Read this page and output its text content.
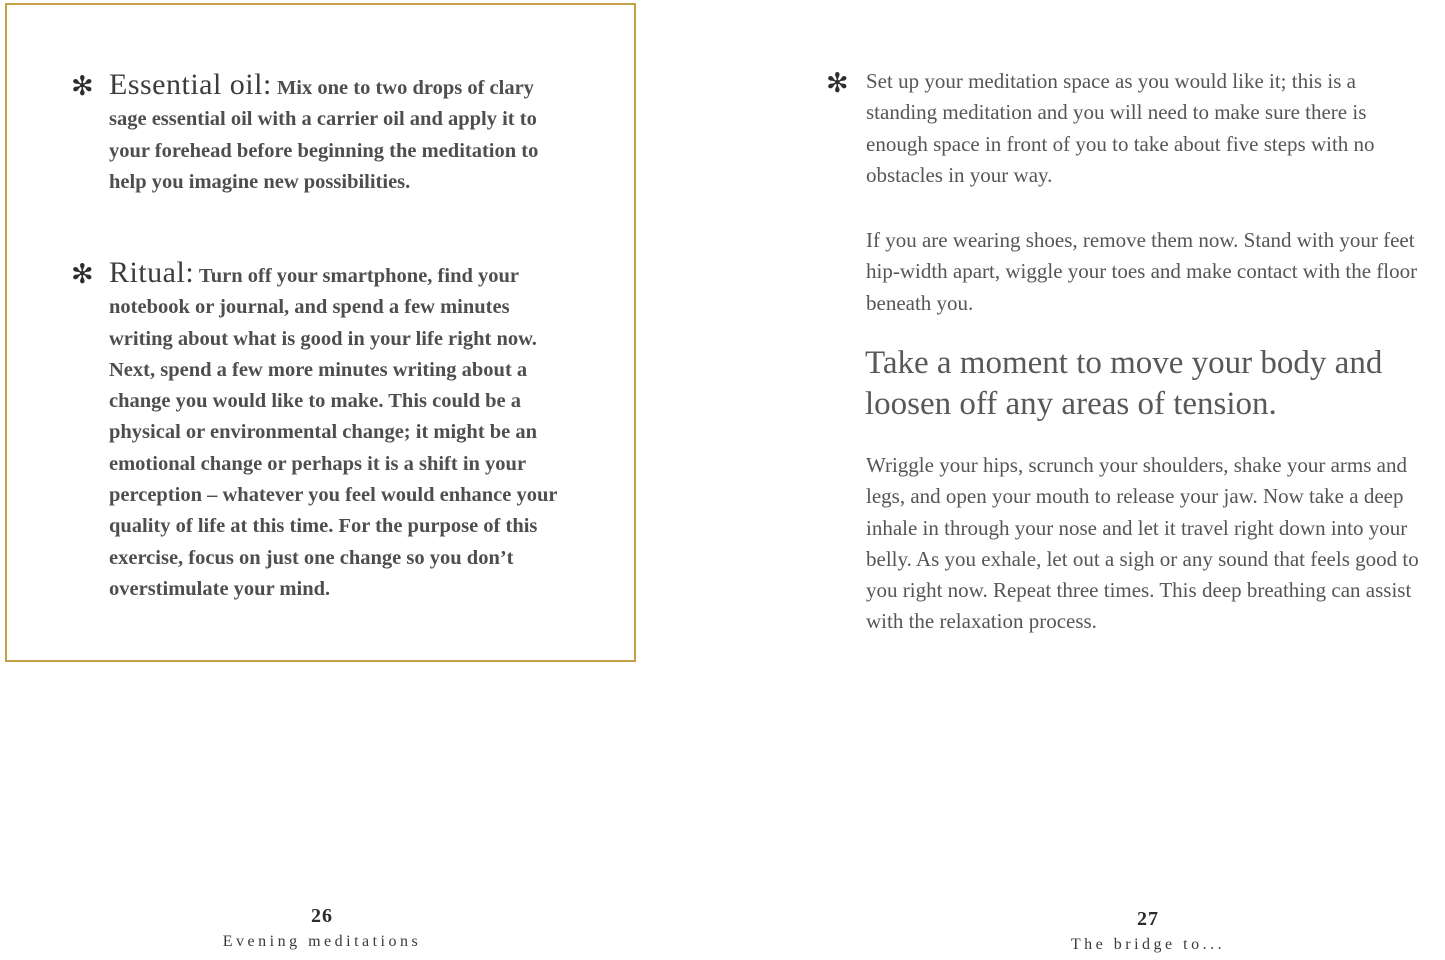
✻ Essential oil: Mix one to two drops of clary sage essential oil with a carrier oil and apply it to your forehead before beginning the meditation to help you imagine new possibilities.
✻ Ritual: Turn off your smartphone, find your notebook or journal, and spend a few minutes writing about what is good in your life right now. Next, spend a few more minutes writing about a change you would like to make. This could be a physical or environmental change; it might be an emotional change or perhaps it is a shift in your perception – whatever you feel would enhance your quality of life at this time. For the purpose of this exercise, focus on just one change so you don’t overstimulate your mind.
✻ Set up your meditation space as you would like it; this is a standing meditation and you will need to make sure there is enough space in front of you to take about five steps with no obstacles in your way.
If you are wearing shoes, remove them now. Stand with your feet hip-width apart, wiggle your toes and make contact with the floor beneath you.
Take a moment to move your body and loosen off any areas of tension.
Wriggle your hips, scrunch your shoulders, shake your arms and legs, and open your mouth to release your jaw. Now take a deep inhale in through your nose and let it travel right down into your belly. As you exhale, let out a sigh or any sound that feels good to you right now. Repeat three times. This deep breathing can assist with the relaxation process.
26
Evening meditations
27
The bridge to...
